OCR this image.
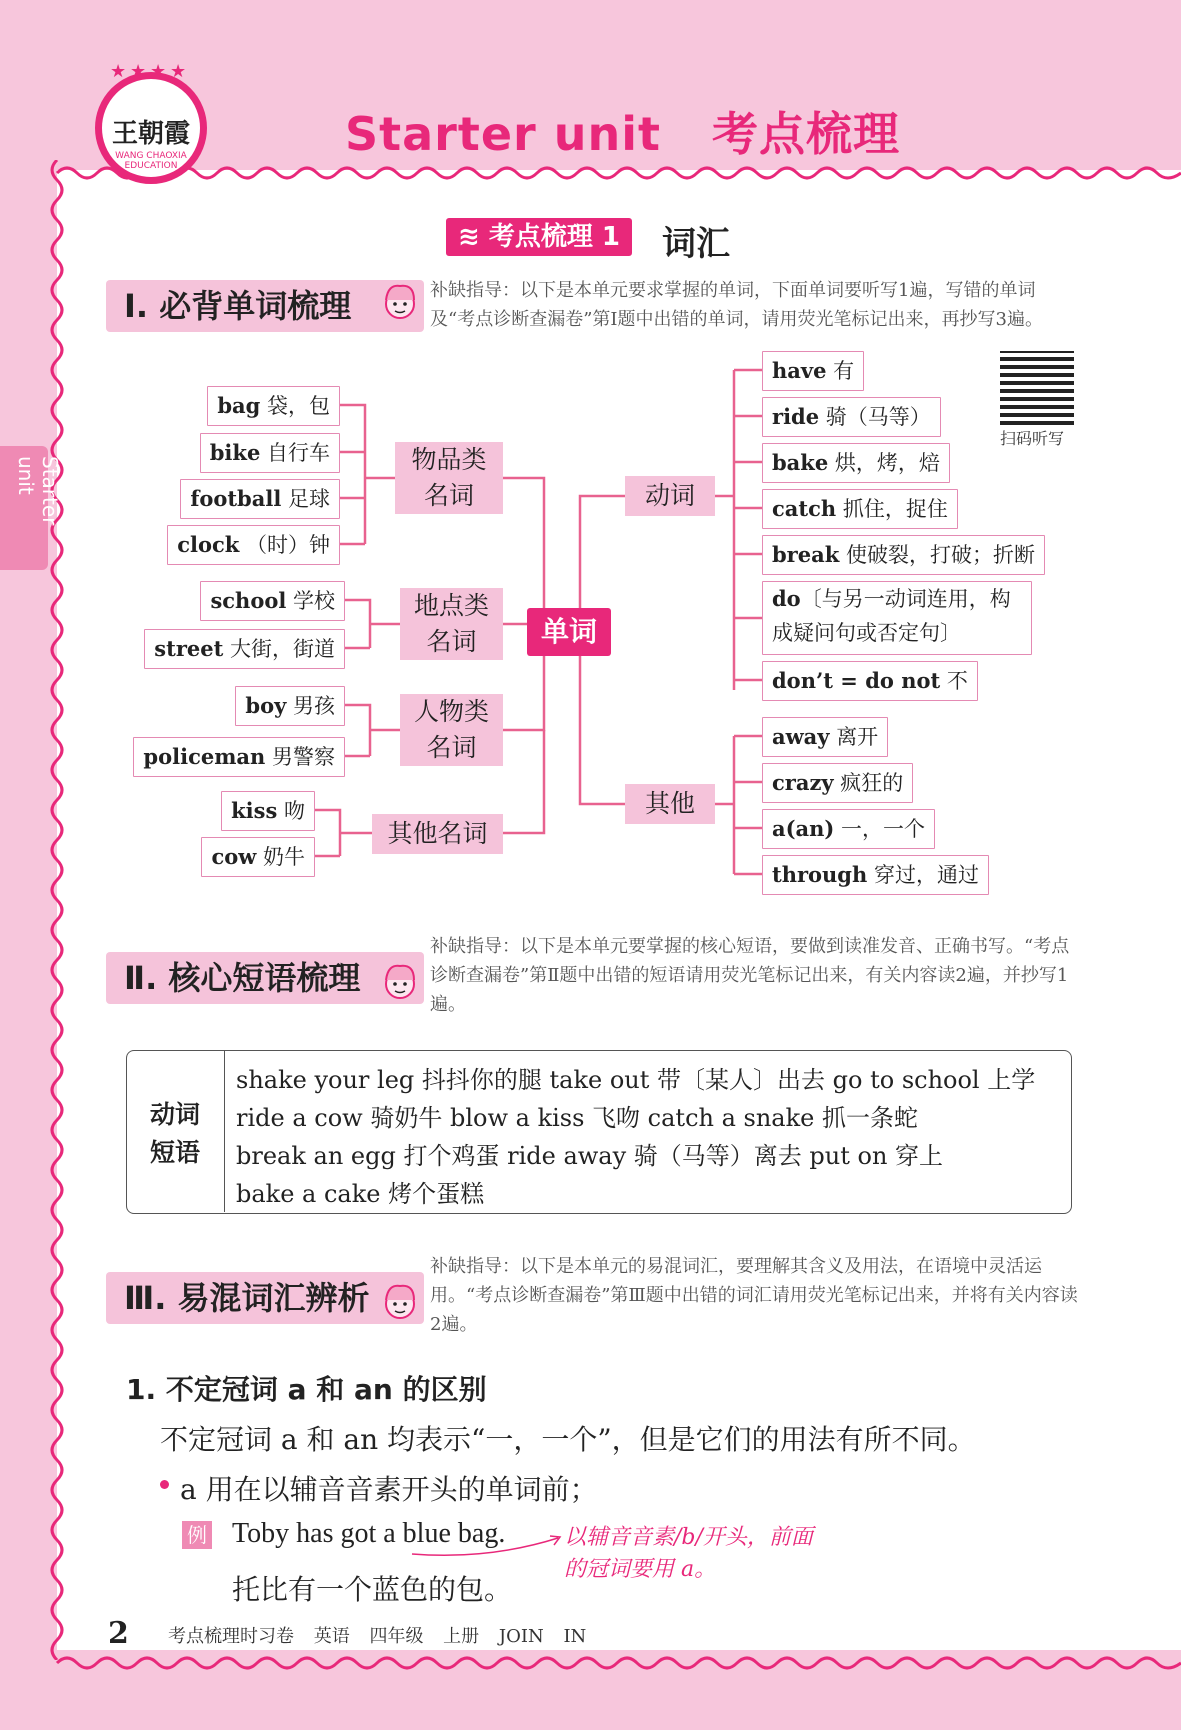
★ ★ ★ ★
王朝霞
WANG CHAOXIA EDUCATION
Starter unit   考点梳理
Starter unit
≋ 考点梳理 1	词汇
Ⅰ. 必背单词梳理	补缺指导：以下是本单元要求掌握的单词，下面单词要听写1遍，写错的单词及“考点诊断查漏卷”第Ⅰ题中出错的单词，请用荧光笔标记出来，再抄写3遍。
扫码听写
物品类
名词
地点类
名词
人物类
名词
其他名词
动词
其他
单词
bag 袋，包
bike 自行车
football 足球
clock （时）钟
school 学校
street 大街，街道
boy 男孩
policeman 男警察
kiss 吻
cow 奶牛
have 有
ride 骑（马等）
bake 烘，烤，焙
catch 抓住，捉住
break 使破裂，打破；折断
do〔与另一动词连用，构
成疑问句或否定句〕
don’t = do not 不
away 离开
crazy 疯狂的
a(an) 一，一个
through 穿过，通过
Ⅱ. 核心短语梳理
补缺指导：以下是本单元要掌握的核心短语，要做到读准发音、正确书写。“考点诊断查漏卷”第Ⅱ题中出错的短语请用荧光笔标记出来，有关内容读2遍，并抄写1遍。
动词短语
shake your leg 抖抖你的腿 take out 带〔某人〕出去 go to school 上学
ride a cow 骑奶牛 blow a kiss 飞吻 catch a snake 抓一条蛇
break an egg 打个鸡蛋 ride away 骑（马等）离去 put on 穿上
bake a cake 烤个蛋糕
Ⅲ. 易混词汇辨析
补缺指导：以下是本单元的易混词汇，要理解其含义及用法，在语境中灵活运用。“考点诊断查漏卷”第Ⅲ题中出错的词汇请用荧光笔标记出来，并将有关内容读2遍。
1. 不定冠词 a 和 an 的区别
不定冠词 a 和 an 均表示“一，一个”，但是它们的用法有所不同。
a 用在以辅音音素开头的单词前；
例 Toby has got a blue bag.
托比有一个蓝色的包。
以辅音音素/b/开头，前面的冠词要用 a。
2 考点梳理时习卷 英语 四年级 上册 JOIN IN
